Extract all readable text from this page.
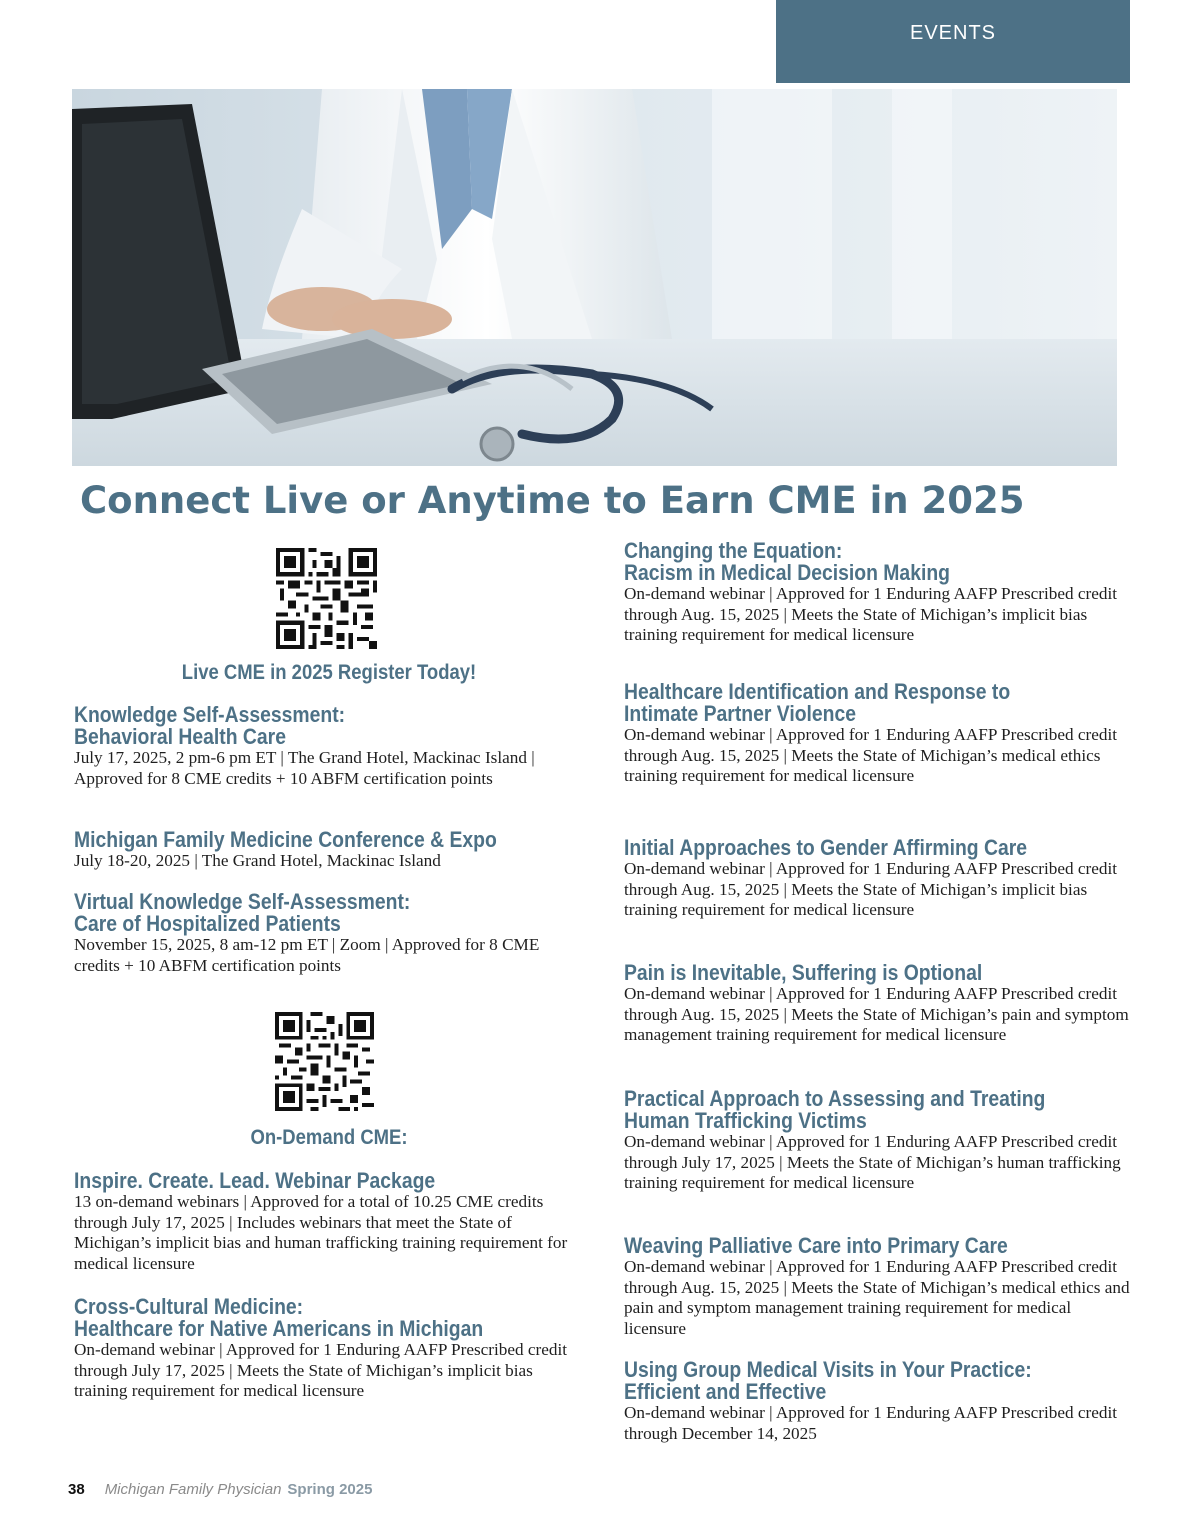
EVENTS
Connect Live or Anytime to Earn CME in 2025
Live CME in 2025 Register Today!
Knowledge Self-Assessment:
Behavioral Health Care
July 17, 2025, 2 pm-6 pm ET | The Grand Hotel, Mackinac Island | Approved for 8 CME credits + 10 ABFM certification points
Michigan Family Medicine Conference & Expo
July 18-20, 2025 | The Grand Hotel, Mackinac Island
Virtual Knowledge Self-Assessment:
Care of Hospitalized Patients
November 15, 2025, 8 am-12 pm ET | Zoom | Approved for 8 CME credits + 10 ABFM certification points
Inspire. Create. Lead. Webinar Package
13 on-demand webinars | Approved for a total of 10.25 CME credits through July 17, 2025 | Includes webinars that meet the State of Michigan’s implicit bias and human trafficking training requirement for medical licensure
Cross-Cultural Medicine:
Healthcare for Native Americans in Michigan
On-demand webinar | Approved for 1 Enduring AAFP Prescribed credit through July 17, 2025 | Meets the State of Michigan’s implicit bias training requirement for medical licensure
On-Demand CME:
Changing the Equation:
Racism in Medical Decision Making
On-demand webinar | Approved for 1 Enduring AAFP Prescribed credit through Aug. 15, 2025 | Meets the State of Michigan’s implicit bias training requirement for medical licensure
Healthcare Identification and Response to
Intimate Partner Violence
On-demand webinar | Approved for 1 Enduring AAFP Prescribed credit through Aug. 15, 2025 | Meets the State of Michigan’s medical ethics training requirement for medical licensure
Initial Approaches to Gender Affirming Care
On-demand webinar | Approved for 1 Enduring AAFP Prescribed credit through Aug. 15, 2025 | Meets the State of Michigan’s implicit bias training requirement for medical licensure
Pain is Inevitable, Suffering is Optional
On-demand webinar | Approved for 1 Enduring AAFP Prescribed credit through Aug. 15, 2025 | Meets the State of Michigan’s pain and symptom management training requirement for medical licensure
Practical Approach to Assessing and Treating
Human Trafficking Victims
On-demand webinar | Approved for 1 Enduring AAFP Prescribed credit through July 17, 2025 | Meets the State of Michigan’s human trafficking training requirement for medical licensure
Weaving Palliative Care into Primary Care
On-demand webinar | Approved for 1 Enduring AAFP Prescribed credit through Aug. 15, 2025 | Meets the State of Michigan’s medical ethics and pain and symptom management training requirement for medical licensure
Using Group Medical Visits in Your Practice:
Efficient and Effective
On-demand webinar | Approved for 1 Enduring AAFP Prescribed credit through December 14, 2025
38 Michigan Family Physician Spring 2025
